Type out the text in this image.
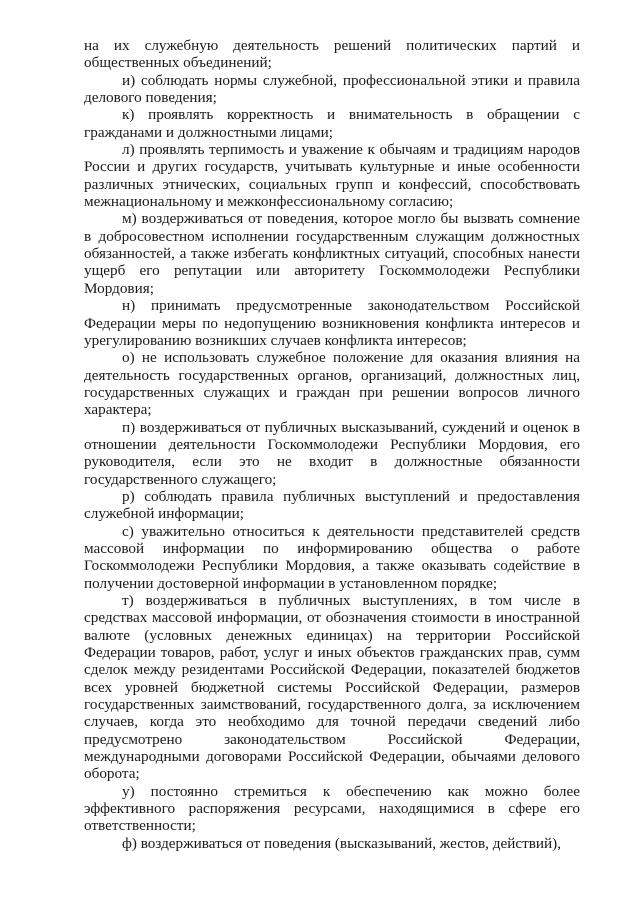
на их служебную деятельность решений политических партий и общественных объединений;

и) соблюдать нормы служебной, профессиональной этики и правила делового поведения;

к) проявлять корректность и внимательность в обращении с гражданами и должностными лицами;

л) проявлять терпимость и уважение к обычаям и традициям народов России и других государств, учитывать культурные и иные особенности различных этнических, социальных групп и конфессий, способствовать межнациональному и межконфессиональному согласию;

м) воздерживаться от поведения, которое могло бы вызвать сомнение в добросовестном исполнении государственным служащим должностных обязанностей, а также избегать конфликтных ситуаций, способных нанести ущерб его репутации или авторитету Госкоммолодежи Республики Мордовия;

н) принимать предусмотренные законодательством Российской Федерации меры по недопущению возникновения конфликта интересов и урегулированию возникших случаев конфликта интересов;

о) не использовать служебное положение для оказания влияния на деятельность государственных органов, организаций, должностных лиц, государственных служащих и граждан при решении вопросов личного характера;

п) воздерживаться от публичных высказываний, суждений и оценок в отношении деятельности Госкоммолодежи Республики Мордовия, его руководителя, если это не входит в должностные обязанности государственного служащего;

р) соблюдать правила публичных выступлений и предоставления служебной информации;

с) уважительно относиться к деятельности представителей средств массовой информации по информированию общества о работе Госкоммолодежи Республики Мордовия, а также оказывать содействие в получении достоверной информации в установленном порядке;

т) воздерживаться в публичных выступлениях, в том числе в средствах массовой информации, от обозначения стоимости в иностранной валюте (условных денежных единицах) на территории Российской Федерации товаров, работ, услуг и иных объектов гражданских прав, сумм сделок между резидентами Российской Федерации, показателей бюджетов всех уровней бюджетной системы Российской Федерации, размеров государственных заимствований, государственного долга, за исключением случаев, когда это необходимо для точной передачи сведений либо предусмотрено законодательством Российской Федерации, международными договорами Российской Федерации, обычаями делового оборота;

у) постоянно стремиться к обеспечению как можно более эффективного распоряжения ресурсами, находящимися в сфере его ответственности;

ф) воздерживаться от поведения (высказываний, жестов, действий),
